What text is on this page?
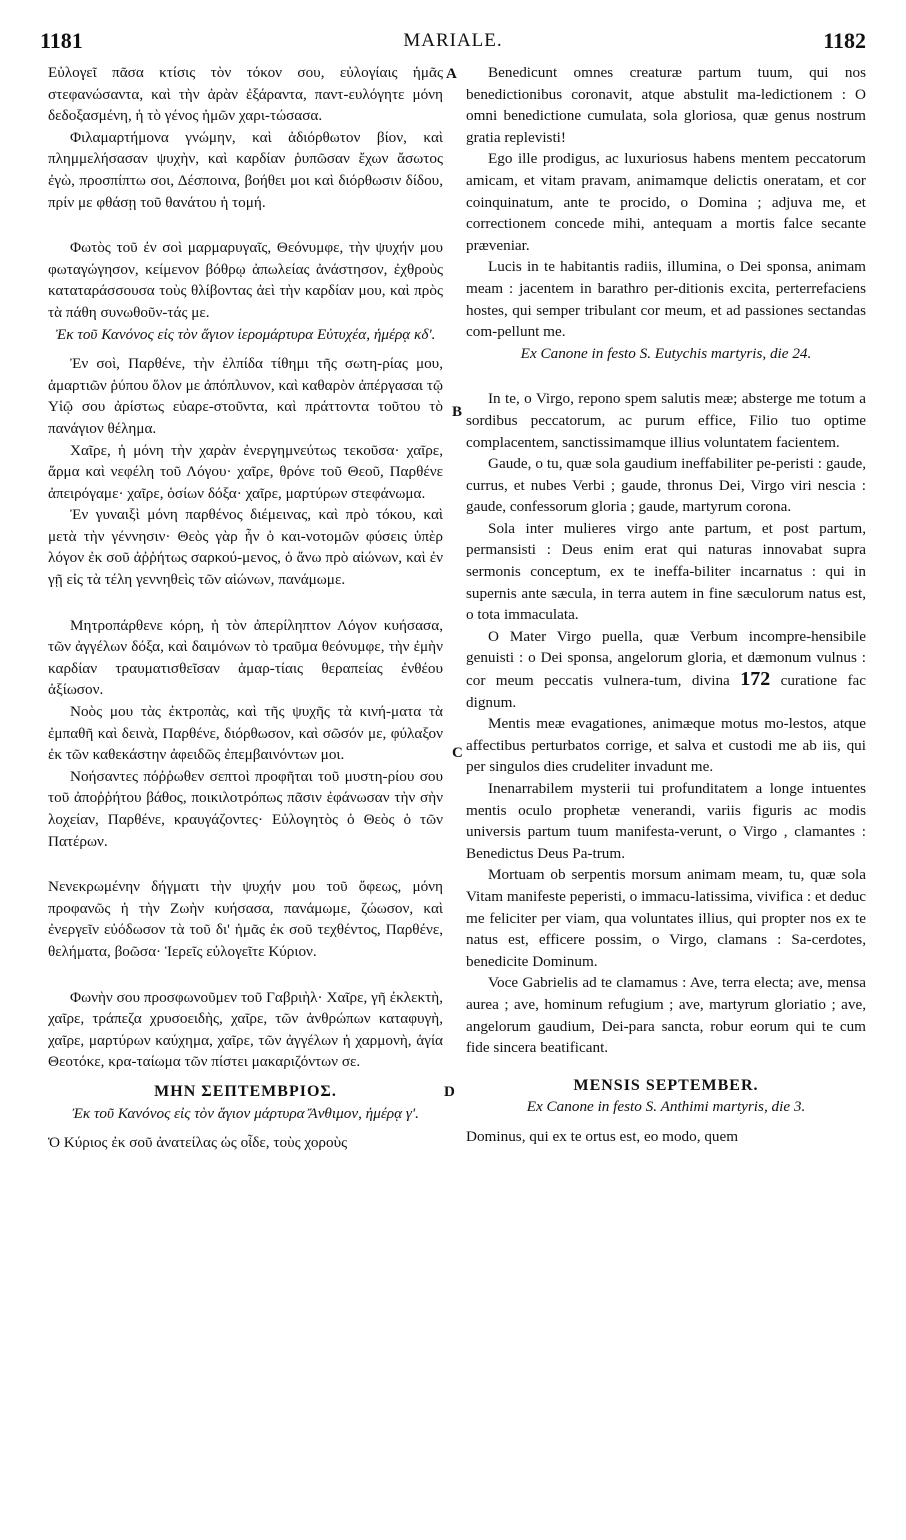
1181	MARIALE.	1182

Εὐλογεῖ πᾶσα κτίσις τὸν τόκον σου, εὐλογίαις ἡμᾶς στεφανώσαντα, καὶ τὴν ἀρὰν ἐξάραντα, παντ-ευλόγητε μόνη δεδοξασμένη, ἡ τὸ γένος ἡμῶν χαρι-τώσασα.

Φιλαμαρτήμονα γνώμην, καὶ ἀδιόρθωτον βίον, καὶ πλημμελήσασαν ψυχὴν, καὶ καρδίαν ῥυπῶσαν ἔχων ἄσωτος ἐγὼ, προσπίπτω σοι, Δέσποινα, βοήθει μοι καὶ διόρθωσιν δίδου, πρίν με φθάσῃ τοῦ θανάτου ἡ τομή.

Φωτὸς τοῦ ἐν σοὶ μαρμαρυγαῖς, Θεόνυμφε, τὴν ψυχήν μου φωταγώγησον, κείμενον βόθρῳ ἀπωλείας ἀνάστησον, ἐχθροὺς καταταράσσουσα τοὺς θλίβοντας ἀεὶ τὴν καρδίαν μου, καὶ πρὸς τὰ πάθη συνωθοῦν-τάς με.

Ἐκ τοῦ Κανόνος εἰς τὸν ἅγιον ἱερομάρτυρα Εὐτυχέα, ἡμέρᾳ κδ'.

Ἐν σοὶ, Παρθένε, τὴν ἐλπίδα τίθημι τῆς σωτη-ρίας μου, ἁμαρτιῶν ῥύπου ὅλον με ἀπόπλυνον, καὶ καθαρὸν ἀπέργασαι τῷ Υἱῷ σου ἀρίστως εὐαρε-στοῦντα, καὶ πράττοντα τοῦτου τὸ πανάγιον θέλημα.

Χαῖρε, ἡ μόνη τὴν χαρὰν ἐνεργημνεύτως τεκοῦσα· χαῖρε, ἅρμα καὶ νεφέλη τοῦ Λόγου· χαῖρε, θρόνε τοῦ Θεοῦ, Παρθένε ἀπειρόγαμε· χαῖρε, ὁσίων δόξα· χαῖρε, μαρτύρων στεφάνωμα.

Ἐν γυναιξὶ μόνη παρθένος διέμεινας, καὶ πρὸ τόκου, καὶ μετὰ τὴν γέννησιν· Θεὸς γὰρ ἦν ὁ και-νοτομῶν φύσεις ὑπὲρ λόγον ἐκ σοῦ ἀῤῥήτως σαρκού-μενος, ὁ ἄνω πρὸ αἰώνων, καὶ ἐν γῇ εἰς τὰ τέλη γεννηθεὶς τῶν αἰώνων, πανάμωμε.

Μητροπάρθενε κόρη, ἡ τὸν ἀπερίληπτον Λόγον κυήσασα, τῶν ἀγγέλων δόξα, καὶ δαιμόνων τὸ τραῦμα θεόνυμφε, τὴν ἐμὴν καρδίαν τραυματισθεῖσαν ἁμαρ-τίαις θεραπείας ἐνθέου ἀξίωσον.

Νοὸς μου τὰς ἐκτροπὰς, καὶ τῆς ψυχῆς τὰ κινή-ματα τὰ ἐμπαθῆ καὶ δεινὰ, Παρθένε, διόρθωσον, καὶ σῶσόν με, φύλαξον ἐκ τῶν καθεκάστην ἀφειδῶς ἐπεμβαινόντων μοι.

Νοήσαντες πόῤῥωθεν σεπτοὶ προφῆται τοῦ μυστη-ρίου σου τοῦ ἀποῤῥήτου βάθος, ποικιλοτρόπως πᾶσιν ἐφάνωσαν τὴν σὴν λοχείαν, Παρθένε, κραυγάζοντες· Εὐλογητὸς ὁ Θεὸς ὁ τῶν Πατέρων.

Νενεκρωμένην δήγματι τὴν ψυχήν μου τοῦ ὄφεως, μόνη προφανῶς ἡ τὴν Ζωὴν κυήσασα, πανάμωμε, ζώωσον, καὶ ἐνεργεῖν εὐόδωσον τὰ τοῦ δι' ἡμᾶς ἐκ σοῦ τεχθέντος, Παρθένε, θελήματα, βοῶσα· Ἱερεῖς εὐλογεῖτε Κύριον.

Φωνὴν σου προσφωνοῦμεν τοῦ Γαβριὴλ· Χαῖρε, γῆ ἐκλεκτὴ, χαῖρε, τράπεζα χρυσοειδὴς, χαῖρε, τῶν ἀνθρώπων καταφυγὴ, χαῖρε, μαρτύρων καύχημα, χαῖρε, τῶν ἀγγέλων ἡ χαρμονὴ, ἁγία Θεοτόκε, κρα-ταίωμα τῶν πίστει μακαριζόντων σε.

ΜΗΝ ΣΕΠΤΕΜΒΡΙΟΣ.

Ἐκ τοῦ Κανόνος εἰς τὸν ἅγιον μάρτυρα Ἄνθιμον, ἡμέρᾳ γ'.

Ὁ Κύριος ἐκ σοῦ ἀνατείλας ὡς οἶδε, τοὺς χοροὺς

A
B
C
D

Benedicunt omnes creaturæ partum tuum, qui nos benedictionibus coronavit, atque abstulit ma-ledictionem : O omni benedictione cumulata, sola gloriosa, quæ genus nostrum gratia replevisti!

Ego ille prodigus, ac luxuriosus habens mentem peccatorum amicam, et vitam pravam, animamque delictis oneratam, et cor coinquinatum, ante te procido, o Domina ; adjuva me, et correctionem concede mihi, antequam a mortis falce secante præveniar.

Lucis in te habitantis radiis, illumina, o Dei sponsa, animam meam : jacentem in barathro per-ditionis excita, perterrefaciens hostes, qui semper tribulant cor meum, et ad passiones sectandas com-pellunt me.

Ex Canone in festo S. Eutychis martyris, die 24.

In te, o Virgo, repono spem salutis meæ; absterge me totum a sordibus peccatorum, ac purum effice, Filio tuo optime complacentem, sanctissimamque illius voluntatem facientem.

Gaude, o tu, quæ sola gaudium ineffabiliter pe-peristi : gaude, currus, et nubes Verbi ; gaude, thronus Dei, Virgo viri nescia : gaude, confessorum gloria ; gaude, martyrum corona.

Sola inter mulieres virgo ante partum, et post partum, permansisti : Deus enim erat qui naturas innovabat supra sermonis conceptum, ex te ineffa-biliter incarnatus : qui in supernis ante sæcula, in terra autem in fine sæculorum natus est, o tota immaculata.

O Mater Virgo puella, quæ Verbum incompre-hensibile genuisti : o Dei sponsa, angelorum gloria, et dæmonum vulnus : cor meum peccatis vulnera-tum, divina 172 curatione fac dignum.

Mentis meæ evagationes, animæque motus mo-lestos, atque affectibus perturbatos corrige, et salva et custodi me ab iis, qui per singulos dies crudeliter invadunt me.

Inenarrabilem mysterii tui profunditatem a longe intuentes mentis oculo prophetæ venerandi, variis figuris ac modis universis partum tuum manifesta-verunt, o Virgo , clamantes : Benedictus Deus Pa-trum.

Mortuam ob serpentis morsum animam meam, tu, quæ sola Vitam manifeste peperisti, o immacu-latissima, vivifica : et deduc me feliciter per viam, qua voluntates illius, qui propter nos ex te natus est, efficere possim, o Virgo, clamans : Sa-cerdotes, benedicite Dominum.

Voce Gabrielis ad te clamamus : Ave, terra electa; ave, mensa aurea ; ave, hominum refugium ; ave, martyrum gloriatio ; ave, angelorum gaudium, Dei-para sancta, robur eorum qui te cum fide sincera beatificant.

MENSIS SEPTEMBER.

Ex Canone in festo S. Anthimi martyris, die 3.

Dominus, qui ex te ortus est, eo modo, quem
